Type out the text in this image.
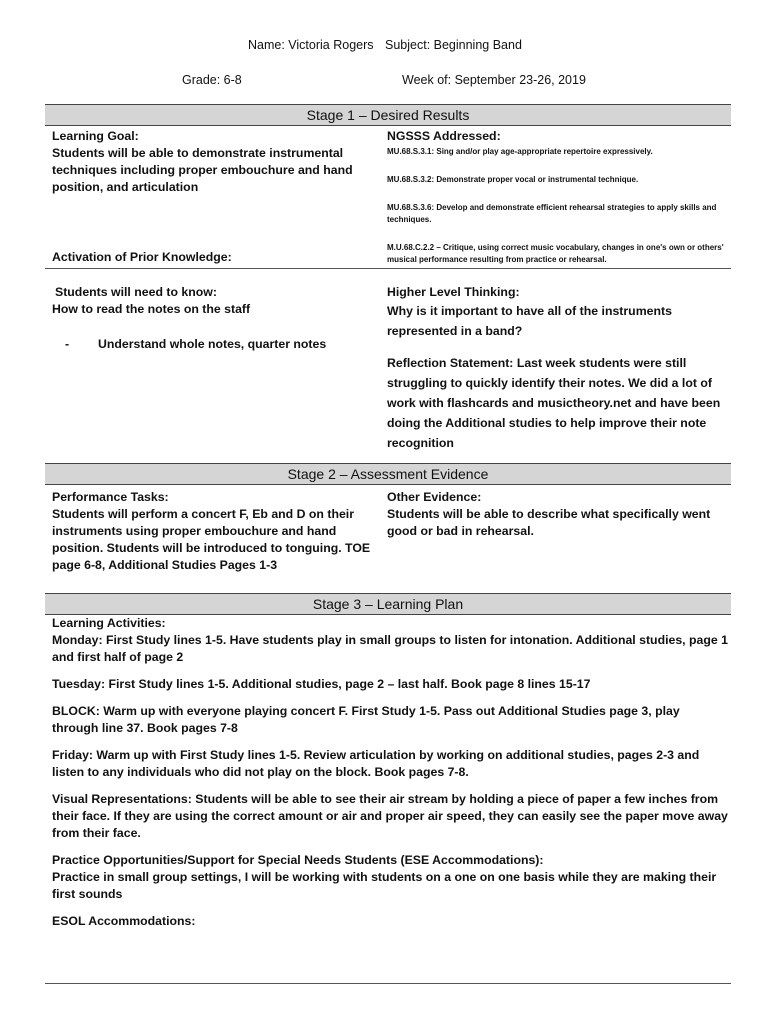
Name: Victoria Rogers Subject: Beginning Band
Grade: 6-8	Week of: September 23-26, 2019
Stage 1 – Desired Results
Learning Goal:
Students will be able to demonstrate instrumental techniques including proper embouchure and hand position, and articulation
NGSSS Addressed:
MU.68.S.3.1: Sing and/or play age-appropriate repertoire expressively.
MU.68.S.3.2: Demonstrate proper vocal or instrumental technique.
MU.68.S.3.6: Develop and demonstrate efficient rehearsal strategies to apply skills and techniques.
M.U.68.C.2.2 – Critique, using correct music vocabulary, changes in one's own or others' musical performance resulting from practice or rehearsal.
Activation of Prior Knowledge:
Students will need to know:
How to read the notes on the staff
-	Understand whole notes, quarter notes
Higher Level Thinking:
Why is it important to have all of the instruments represented in a band?
Reflection Statement: Last week students were still struggling to quickly identify their notes. We did a lot of work with flashcards and musictheory.net and have been doing the Additional studies to help improve their note recognition
Stage 2 – Assessment Evidence
Performance Tasks:
Students will perform a concert F, Eb and D on their instruments using proper embouchure and hand position. Students will be introduced to tonguing. TOE page 6-8, Additional Studies Pages 1-3
Other Evidence:
Students will be able to describe what specifically went good or bad in rehearsal.
Stage 3 – Learning Plan
Learning Activities:
Monday: First Study lines 1-5. Have students play in small groups to listen for intonation. Additional studies, page 1 and first half of page 2
Tuesday: First Study lines 1-5. Additional studies, page 2 – last half. Book page 8 lines 15-17
BLOCK: Warm up with everyone playing concert F. First Study 1-5. Pass out Additional Studies page 3, play through line 37. Book pages 7-8
Friday: Warm up with First Study lines 1-5. Review articulation by working on additional studies, pages 2-3 and listen to any individuals who did not play on the block. Book pages 7-8.
Visual Representations: Students will be able to see their air stream by holding a piece of paper a few inches from their face. If they are using the correct amount or air and proper air speed, they can easily see the paper move away from their face.
Practice Opportunities/Support for Special Needs Students (ESE Accommodations):
Practice in small group settings, I will be working with students on a one on one basis while they are making their first sounds
ESOL Accommodations:
